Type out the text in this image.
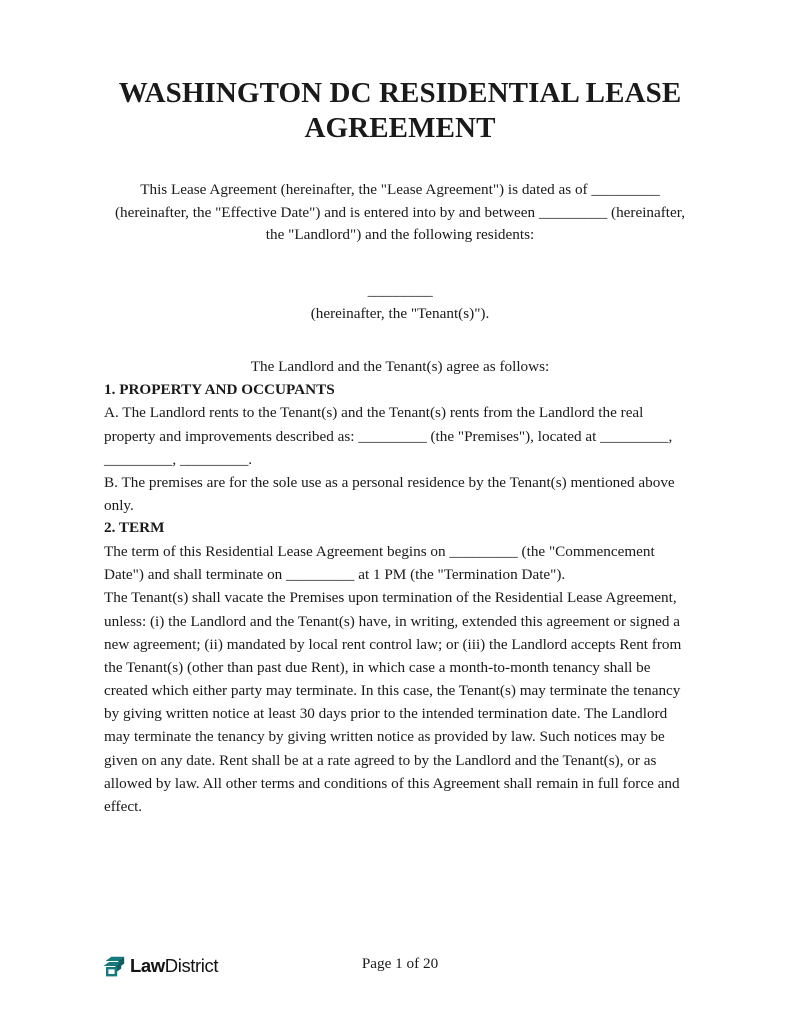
WASHINGTON DC RESIDENTIAL LEASE AGREEMENT
This Lease Agreement (hereinafter, the "Lease Agreement") is dated as of _________ (hereinafter, the "Effective Date") and is entered into by and between _________ (hereinafter, the "Landlord") and the following residents:
_________
(hereinafter, the "Tenant(s)").
The Landlord and the Tenant(s) agree as follows:
1. PROPERTY AND OCCUPANTS

A. The Landlord rents to the Tenant(s) and the Tenant(s) rents from the Landlord the real property and improvements described as: _________ (the "Premises"), located at _________, _________, _________.

B. The premises are for the sole use as a personal residence by the Tenant(s) mentioned above only.

2. TERM

The term of this Residential Lease Agreement begins on _________ (the "Commencement Date") and shall terminate on _________ at 1 PM (the "Termination Date").

The Tenant(s) shall vacate the Premises upon termination of the Residential Lease Agreement, unless: (i) the Landlord and the Tenant(s) have, in writing, extended this agreement or signed a new agreement; (ii) mandated by local rent control law; or (iii) the Landlord accepts Rent from the Tenant(s) (other than past due Rent), in which case a month-to-month tenancy shall be created which either party may terminate. In this case, the Tenant(s) may terminate the tenancy by giving written notice at least 30 days prior to the intended termination date. The Landlord may terminate the tenancy by giving written notice as provided by law. Such notices may be given on any date. Rent shall be at a rate agreed to by the Landlord and the Tenant(s), or as allowed by law. All other terms and conditions of this Agreement shall remain in full force and effect.

Page 1 of 20
LawDistrict
